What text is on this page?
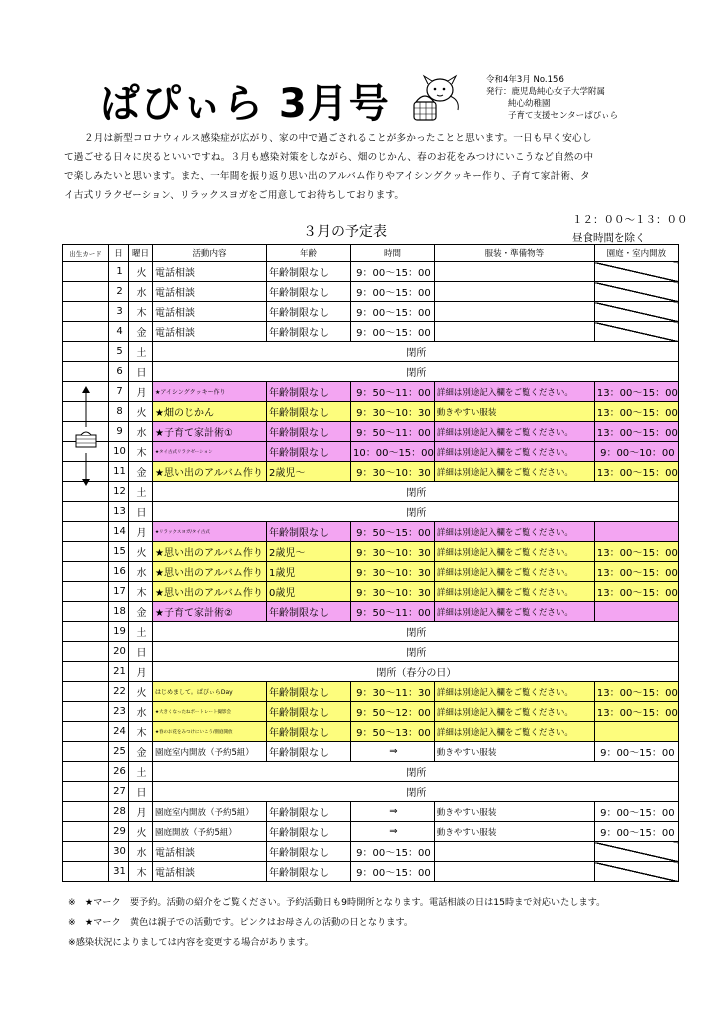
ぱぴぃら 3月号
令和4年3月 No.156
発行：鹿児島純心女子大学附属
純心幼稚園
子育て支援センターぱぴぃら
２月は新型コロナウィルス感染症が広がり、家の中で過ごされることが多かったことと思います。一日も早く安心し
て過ごせる日々に戻るといいですね。３月も感染対策をしながら、畑のじかん、春のお花をみつけにいこうなど自然の中
で楽しみたいと思います。また、一年間を振り返り思い出のアルバム作りやアイシングクッキー作り、子育て家計術、タ
イ古式リラクゼーション、リラックスヨガをご用意してお待ちしております。
３月の予定表
１２：００〜１３：００
昼食時間を除く
出生カード	日	曜日	活動内容	年齢	時間	服装・準備物等	園庭・室内開放
	1	火	電話相談	年齢制限なし	9：00〜15：00		
	2	水	電話相談	年齢制限なし	9：00〜15：00		
	3	木	電話相談	年齢制限なし	9：00〜15：00		
	4	金	電話相談	年齢制限なし	9：00〜15：00		
	5	土	閉所				
	6	日	閉所				
	7	月	★アイシングクッキー作り	年齢制限なし	9：50〜11：00	詳細は別途記入欄をご覧ください。	13：00〜15：00
	8	火	★畑のじかん	年齢制限なし	9：30〜10：30	動きやすい服装	13：00〜15：00
	9	水	★子育て家計術①	年齢制限なし	9：50〜11：00	詳細は別途記入欄をご覧ください。	13：00〜15：00
	10	木	★タイ古式リラクゼーション	年齢制限なし	10：00〜15：00	詳細は別途記入欄をご覧ください。	9：00〜10：00
	11	金	★思い出のアルバム作り	2歳児〜	9：30〜10：30	詳細は別途記入欄をご覧ください。	13：00〜15：00
	12	土	閉所				
	13	日	閉所				
	14	月	★リラックスヨガ/タイ古式	年齢制限なし	9：50〜15：00	詳細は別途記入欄をご覧ください。	
	15	火	★思い出のアルバム作り	2歳児〜	9：30〜10：30	詳細は別途記入欄をご覧ください。	13：00〜15：00
	16	水	★思い出のアルバム作り	1歳児	9：30〜10：30	詳細は別途記入欄をご覧ください。	13：00〜15：00
	17	木	★思い出のアルバム作り	0歳児	9：30〜10：30	詳細は別途記入欄をご覧ください。	13：00〜15：00
	18	金	★子育て家計術②	年齢制限なし	9：50〜11：00	詳細は別途記入欄をご覧ください。	
	19	土	閉所				
	20	日	閉所				
	21	月	閉所（春分の日）				
	22	火	はじめまして。ぱぴぃらDay	年齢制限なし	9：30〜11：30	詳細は別途記入欄をご覧ください。	13：00〜15：00
	23	水	★大きくなったねポートレート撮影会	年齢制限なし	9：50〜12：00	詳細は別途記入欄をご覧ください。	13：00〜15：00
	24	木	★春のお花をみつけにいこう/園庭開放	年齢制限なし	9：50〜13：00	詳細は別途記入欄をご覧ください。	
	25	金	園庭室内開放（予約5組）	年齢制限なし	⇒	動きやすい服装	9：00〜15：00
	26	土	閉所				
	27	日	閉所				
	28	月	園庭室内開放（予約5組）	年齢制限なし	⇒	動きやすい服装	9：00〜15：00
	29	火	園庭開放（予約5組）	年齢制限なし	⇒	動きやすい服装	9：00〜15：00
	30	水	電話相談	年齢制限なし	9：00〜15：00		
	31	木	電話相談	年齢制限なし	9：00〜15：00		
※　★マーク　要予約。活動の紹介をご覧ください。予約活動日も9時開所となります。電話相談の日は15時まで対応いたします。
※　★マーク　黄色は親子での活動です。ピンクはお母さんの活動の日となります。
※感染状況によりましては内容を変更する場合があります。
